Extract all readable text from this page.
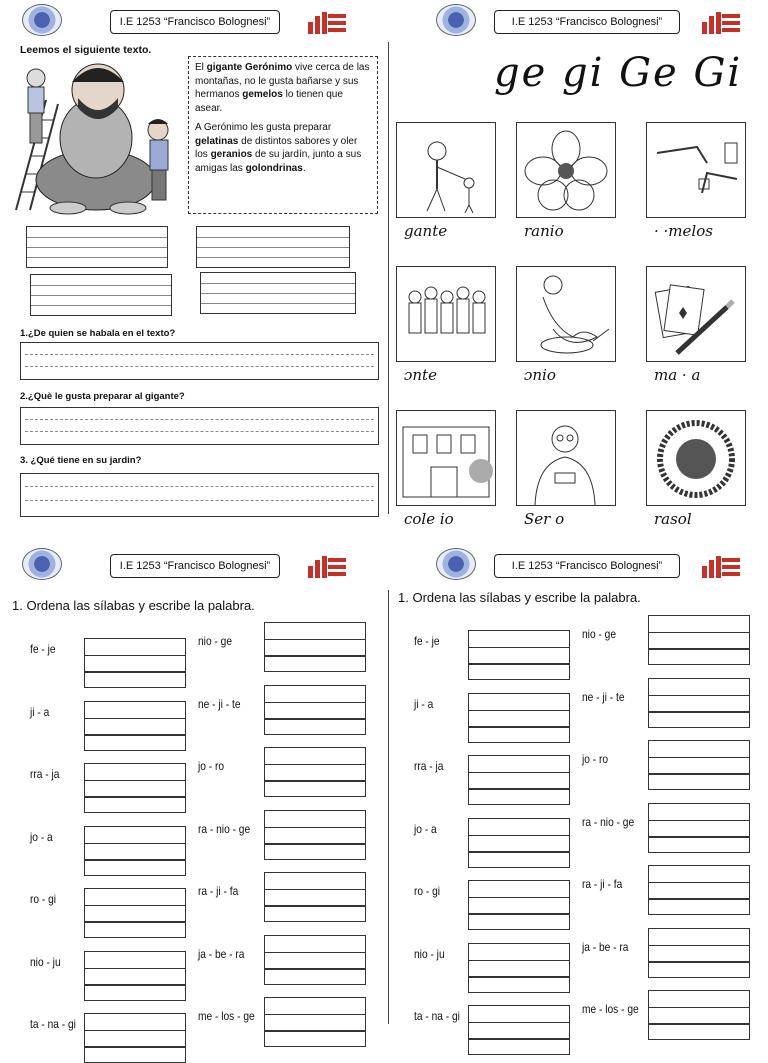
I.E 1253 “Francisco Bolognesi”	I.E 1253 “Francisco Bolognesi”
Leemos el siguiente texto.
El gigante Gerónimo vive cerca de las montañas, no le gusta bañarse y sus hermanos gemelos lo tienen que asear.
A Gerónimo les gusta preparar gelatinas de distintos sabores y oler los geranios de su jardín, junto a sus amigas las golondrinas.
1.¿De quien se habala en el texto?
2.¿Què le gusta preparar al gigante?
3. ¿Qué tiene en su jardin?
ge gi Ge Gi
gante	ranio	· ·melos
ɔnte	ɔnio	ma · a
cole io	Ser o	rasol
I.E 1253 “Francisco Bolognesi”	I.E 1253 “Francisco Bolognesi”
1. Ordena las sílabas y escribe la palabra.
1. Ordena las sílabas y escribe la palabra.
fe - je
ji - a
rra - ja
jo - a
ro - gi
nio - ju
ta - na - gi
nio - ge
ne - ji - te
jo - ro
ra - nio - ge
ra - ji - fa
ja - be - ra
me - los - ge
fe - je
ji - a
rra - ja
jo - a
ro - gi
nio - ju
ta - na - gi
nio - ge
ne - ji - te
jo - ro
ra - nio - ge
ra - ji - fa
ja - be - ra
me - los - ge
